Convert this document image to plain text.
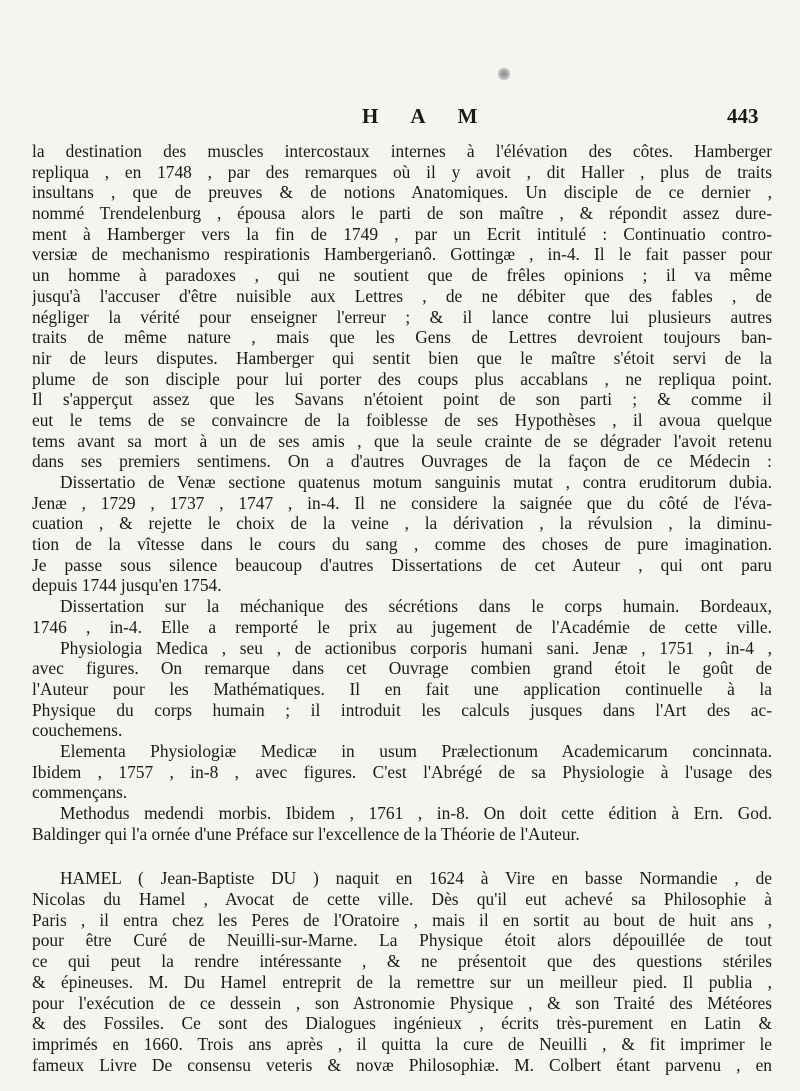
H A M	443
la destination des muscles intercostaux internes à l'élévation des côtes. Hamberger
repliqua , en 1748 , par des remarques où il y avoit , dit Haller , plus de traits
insultans , que de preuves & de notions Anatomiques. Un disciple de ce dernier ,
nommé Trendelenburg , épousa alors le parti de son maître , & répondit assez dure-
ment à Hamberger vers la fin de 1749 , par un Ecrit intitulé : Continuatio contro-
versiæ de mechanismo respirationis Hambergerianô. Gottingæ , in-4. Il le fait passer pour
un homme à paradoxes , qui ne soutient que de frêles opinions ; il va même
jusqu'à l'accuser d'être nuisible aux Lettres , de ne débiter que des fables , de
négliger la vérité pour enseigner l'erreur ; & il lance contre lui plusieurs autres
traits de même nature , mais que les Gens de Lettres devroient toujours ban-
nir de leurs disputes. Hamberger qui sentit bien que le maître s'étoit servi de la
plume de son disciple pour lui porter des coups plus accablans , ne repliqua point.
Il s'apperçut assez que les Savans n'étoient point de son parti ; & comme il
eut le tems de se convaincre de la foiblesse de ses Hypothèses , il avoua quelque
tems avant sa mort à un de ses amis , que la seule crainte de se dégrader l'avoit retenu
dans ses premiers sentimens. On a d'autres Ouvrages de la façon de ce Médecin :
Dissertatio de Venæ sectione quatenus motum sanguinis mutat , contra eruditorum dubia.
Jenæ , 1729 , 1737 , 1747 , in-4. Il ne considere la saignée que du côté de l'éva-
cuation , & rejette le choix de la veine , la dérivation , la révulsion , la diminu-
tion de la vîtesse dans le cours du sang , comme des choses de pure imagination.
Je passe sous silence beaucoup d'autres Dissertations de cet Auteur , qui ont paru
depuis 1744 jusqu'en 1754.
Dissertation sur la méchanique des sécrétions dans le corps humain. Bordeaux,
1746 , in-4. Elle a remporté le prix au jugement de l'Académie de cette ville.
Physiologia Medica , seu , de actionibus corporis humani sani. Jenæ , 1751 , in-4 ,
avec figures. On remarque dans cet Ouvrage combien grand étoit le goût de
l'Auteur pour les Mathématiques. Il en fait une application continuelle à la
Physique du corps humain ; il introduit les calculs jusques dans l'Art des ac-
couchemens.
Elementa Physiologiæ Medicæ in usum Prælectionum Academicarum concinnata.
Ibidem , 1757 , in-8 , avec figures. C'est l'Abrégé de sa Physiologie à l'usage des
commençans.
Methodus medendi morbis. Ibidem , 1761 , in-8. On doit cette édition à Ern. God.
Baldinger qui l'a ornée d'une Préface sur l'excellence de la Théorie de l'Auteur.
HAMEL ( Jean-Baptiste DU ) naquit en 1624 à Vire en basse Normandie , de
Nicolas du Hamel , Avocat de cette ville. Dès qu'il eut achevé sa Philosophie à
Paris , il entra chez les Peres de l'Oratoire , mais il en sortit au bout de huit ans ,
pour être Curé de Neuilli-sur-Marne. La Physique étoit alors dépouillée de tout
ce qui peut la rendre intéressante , & ne présentoit que des questions stériles
& épineuses. M. Du Hamel entreprit de la remettre sur un meilleur pied. Il publia ,
pour l'exécution de ce dessein , son Astronomie Physique , & son Traité des Météores
& des Fossiles. Ce sont des Dialogues ingénieux , écrits très-purement en Latin &
imprimés en 1660. Trois ans après , il quitta la cure de Neuilli , & fit imprimer le
fameux Livre De consensu veteris & novæ Philosophiæ. M. Colbert étant parvenu , en
